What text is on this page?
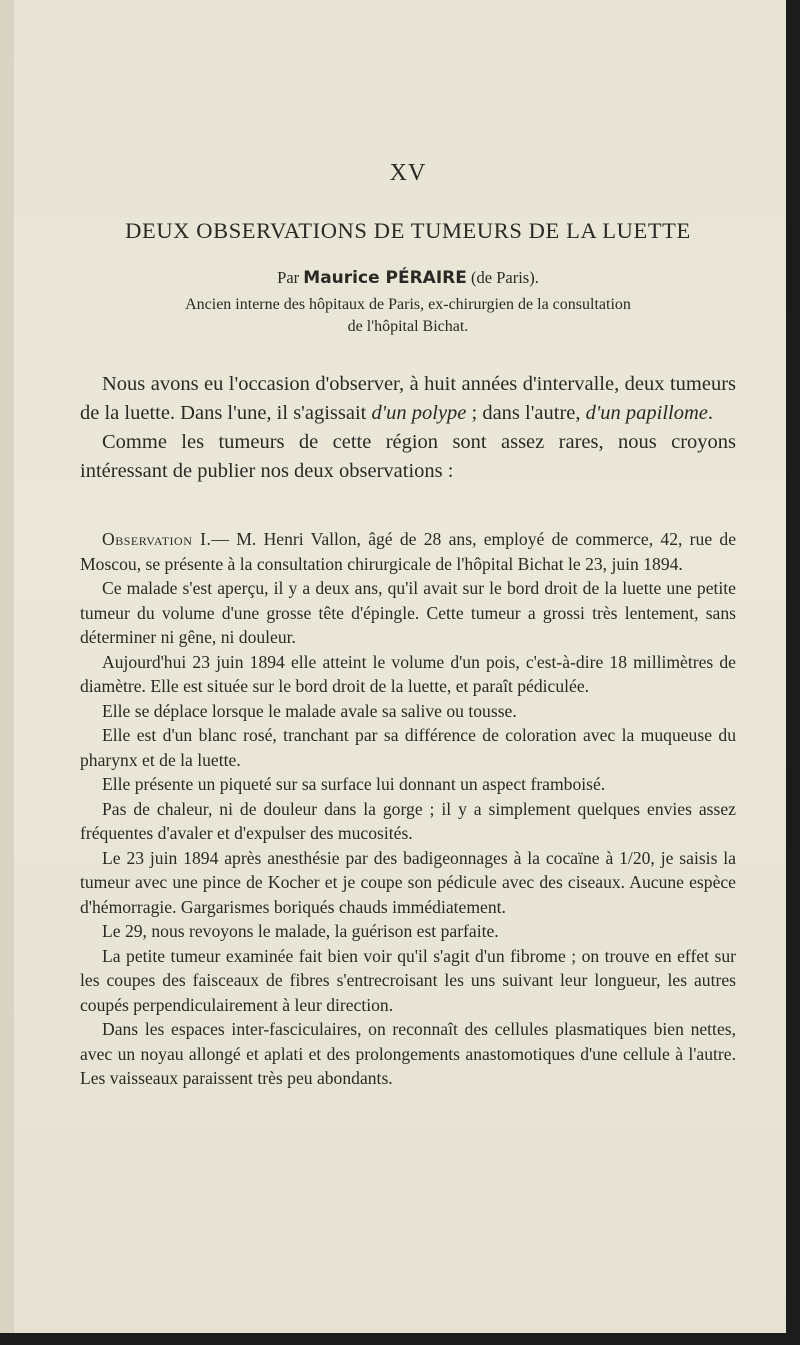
XV
DEUX OBSERVATIONS DE TUMEURS DE LA LUETTE
Par Maurice PÉRAIRE (de Paris).
Ancien interne des hôpitaux de Paris, ex-chirurgien de la consultation
de l'hôpital Bichat.

Nous avons eu l'occasion d'observer, à huit années d'intervalle, deux tumeurs de la luette. Dans l'une, il s'agissait d'un polype ; dans l'autre, d'un papillome.

Comme les tumeurs de cette région sont assez rares, nous croyons intéressant de publier nos deux observations :

Observation I.— M. Henri Vallon, âgé de 28 ans, employé de commerce, 42, rue de Moscou, se présente à la consultation chirurgicale de l'hôpital Bichat le 23, juin 1894.

Ce malade s'est aperçu, il y a deux ans, qu'il avait sur le bord droit de la luette une petite tumeur du volume d'une grosse tête d'épingle. Cette tumeur a grossi très lentement, sans déterminer ni gêne, ni douleur.

Aujourd'hui 23 juin 1894 elle atteint le volume d'un pois, c'est-à-dire 18 millimètres de diamètre. Elle est située sur le bord droit de la luette, et paraît pédiculée.

Elle se déplace lorsque le malade avale sa salive ou tousse.

Elle est d'un blanc rosé, tranchant par sa différence de coloration avec la muqueuse du pharynx et de la luette.

Elle présente un piqueté sur sa surface lui donnant un aspect framboisé.

Pas de chaleur, ni de douleur dans la gorge ; il y a simplement quelques envies assez fréquentes d'avaler et d'expulser des mucosités.

Le 23 juin 1894 après anesthésie par des badigeonnages à la cocaïne à 1/20, je saisis la tumeur avec une pince de Kocher et je coupe son pédicule avec des ciseaux. Aucune espèce d'hémorragie. Gargarismes boriqués chauds immédiatement.

Le 29, nous revoyons le malade, la guérison est parfaite.

La petite tumeur examinée fait bien voir qu'il s'agit d'un fibrome ; on trouve en effet sur les coupes des faisceaux de fibres s'entrecroisant les uns suivant leur longueur, les autres coupés perpendiculairement à leur direction.

Dans les espaces inter-fasciculaires, on reconnaît des cellules plasmatiques bien nettes, avec un noyau allongé et aplati et des prolongements anastomotiques d'une cellule à l'autre. Les vaisseaux paraissent très peu abondants.
